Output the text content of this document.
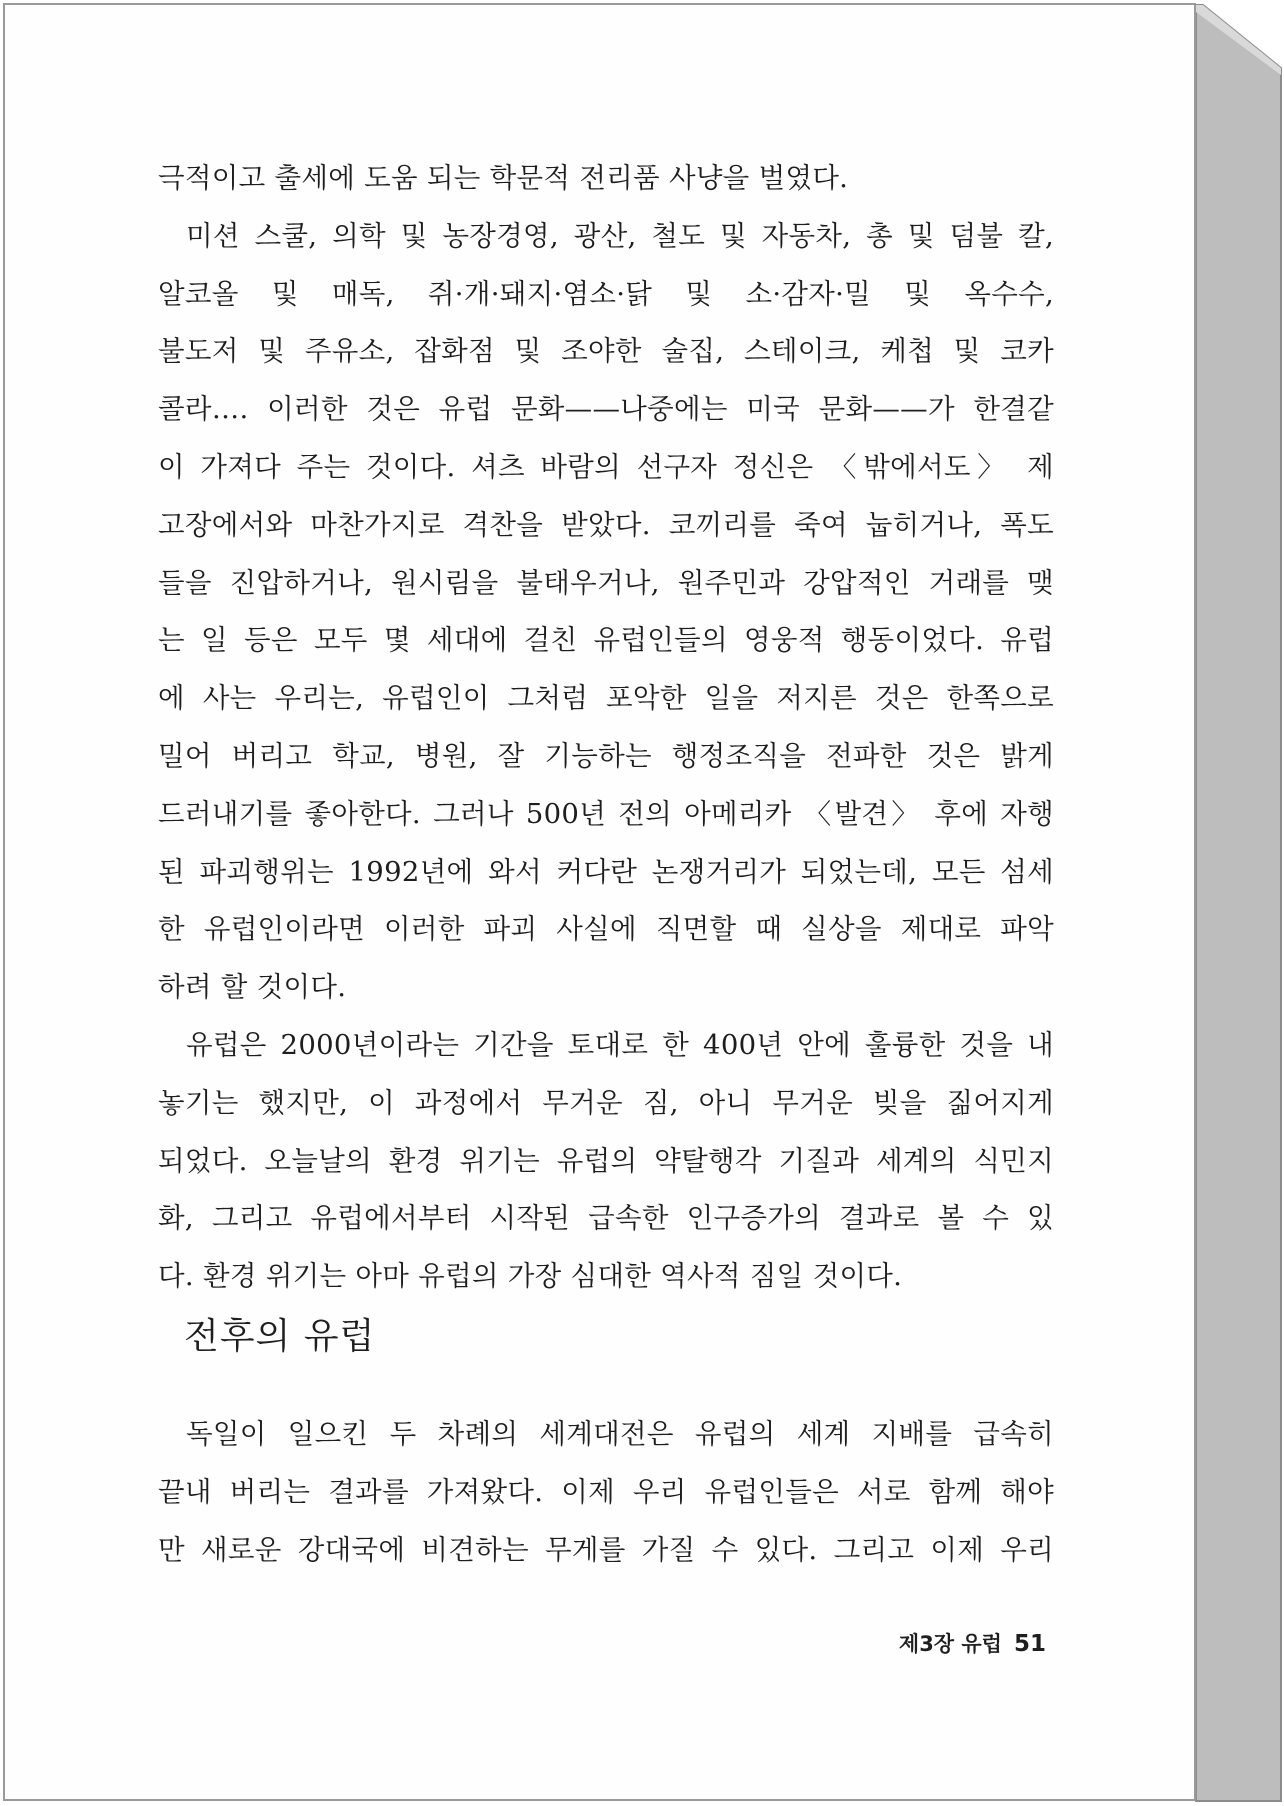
극적이고 출세에 도움 되는 학문적 전리품 사냥을 벌였다.
미션 스쿨, 의학 및 농장경영, 광산, 철도 및 자동차, 총 및 덤불 칼,
알코올 및 매독, 쥐·개·돼지·염소·닭 및 소·감자·밀 및 옥수수,
불도저 및 주유소, 잡화점 및 조야한 술집, 스테이크, 케첩 및 코카
콜라…. 이러한 것은 유럽 문화——나중에는 미국 문화——가 한결같
이 가져다 주는 것이다. 셔츠 바람의 선구자 정신은 〈밖에서도〉 제
고장에서와 마찬가지로 격찬을 받았다. 코끼리를 죽여 눕히거나, 폭도
들을 진압하거나, 원시림을 불태우거나, 원주민과 강압적인 거래를 맺
는 일 등은 모두 몇 세대에 걸친 유럽인들의 영웅적 행동이었다. 유럽
에 사는 우리는, 유럽인이 그처럼 포악한 일을 저지른 것은 한쪽으로
밀어 버리고 학교, 병원, 잘 기능하는 행정조직을 전파한 것은 밝게
드러내기를 좋아한다. 그러나 500년 전의 아메리카 〈발견〉 후에 자행
된 파괴행위는 1992년에 와서 커다란 논쟁거리가 되었는데, 모든 섬세
한 유럽인이라면 이러한 파괴 사실에 직면할 때 실상을 제대로 파악
하려 할 것이다.
유럽은 2000년이라는 기간을 토대로 한 400년 안에 훌륭한 것을 내
놓기는 했지만, 이 과정에서 무거운 짐, 아니 무거운 빚을 짊어지게
되었다. 오늘날의 환경 위기는 유럽의 약탈행각 기질과 세계의 식민지
화, 그리고 유럽에서부터 시작된 급속한 인구증가의 결과로 볼 수 있
다. 환경 위기는 아마 유럽의 가장 심대한 역사적 짐일 것이다.
전후의 유럽
독일이 일으킨 두 차례의 세계대전은 유럽의 세계 지배를 급속히
끝내 버리는 결과를 가져왔다. 이제 우리 유럽인들은 서로 함께 해야
만 새로운 강대국에 비견하는 무게를 가질 수 있다. 그리고 이제 우리
제3장 유럽 51
